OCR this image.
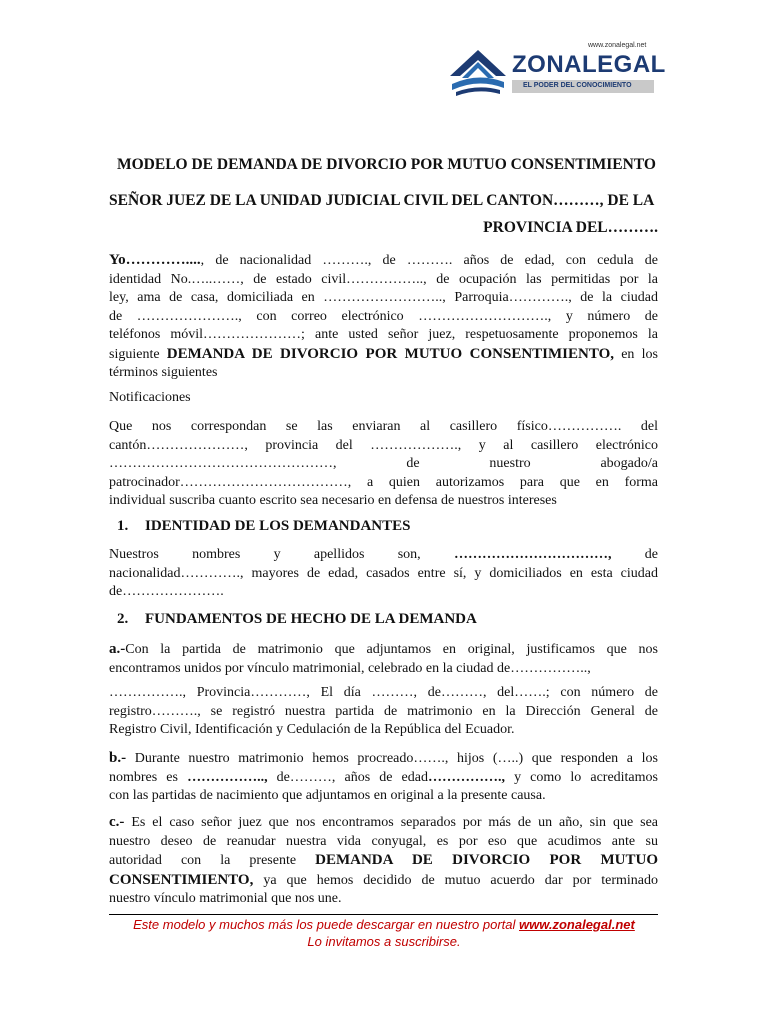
www.zonalegal.net
ZONALEGAL
EL PODER DEL CONOCIMIENTO
MODELO DE DEMANDA DE DIVORCIO POR MUTUO CONSENTIMIENTO
SEÑOR JUEZ DE LA UNIDAD JUDICIAL CIVIL DEL CANTON………, DE LA
PROVINCIA DEL……….
Yo…………...., de nacionalidad ………., de ………. años de edad, con cedula de
identidad No.…..……, de estado civil…………….., de ocupación las permitidas por la
ley, ama de casa, domiciliada en …………………….., Parroquia…………., de la ciudad
de …………………., con correo electrónico ………………………., y número de
teléfonos móvil…………………; ante usted señor juez, respetuosamente proponemos la
siguiente DEMANDA DE DIVORCIO POR MUTUO CONSENTIMIENTO, en los
términos siguientes
Notificaciones
Que nos correspondan se las enviaran al casillero físico……………. del
cantón…………………, provincia del ………………., y al casillero electrónico
…………………………………………, de nuestro abogado/a
patrocinador………………………………, a quien autorizamos para que en forma
individual suscriba cuanto escrito sea necesario en defensa de nuestros intereses
1. IDENTIDAD DE LOS DEMANDANTES
Nuestros nombres y apellidos son, ……………………………, de
nacionalidad…………., mayores de edad, casados entre sí, y domiciliados en esta ciudad
de………………….
2. FUNDAMENTOS DE HECHO DE LA DEMANDA
a.-Con la partida de matrimonio que adjuntamos en original, justificamos que nos
encontramos unidos por vínculo matrimonial, celebrado en la ciudad de……………..,
……………., Provincia…………, El día ………, de………, del…….; con número de
registro………., se registró nuestra partida de matrimonio en la Dirección General de
Registro Civil, Identificación y Cedulación de la República del Ecuador.
b.- Durante nuestro matrimonio hemos procreado……., hijos (…..) que responden a los
nombres es …………….., de………, años de edad……………., y como lo acreditamos
con las partidas de nacimiento que adjuntamos en original a la presente causa.
c.- Es el caso señor juez que nos encontramos separados por más de un año, sin que sea
nuestro deseo de reanudar nuestra vida conyugal, es por eso que acudimos ante su
autoridad con la presente DEMANDA DE DIVORCIO POR MUTUO
CONSENTIMIENTO, ya que hemos decidido de mutuo acuerdo dar por terminado
nuestro vínculo matrimonial que nos une.
Este modelo y muchos más los puede descargar en nuestro portal www.zonalegal.net
Lo invitamos a suscribirse.
